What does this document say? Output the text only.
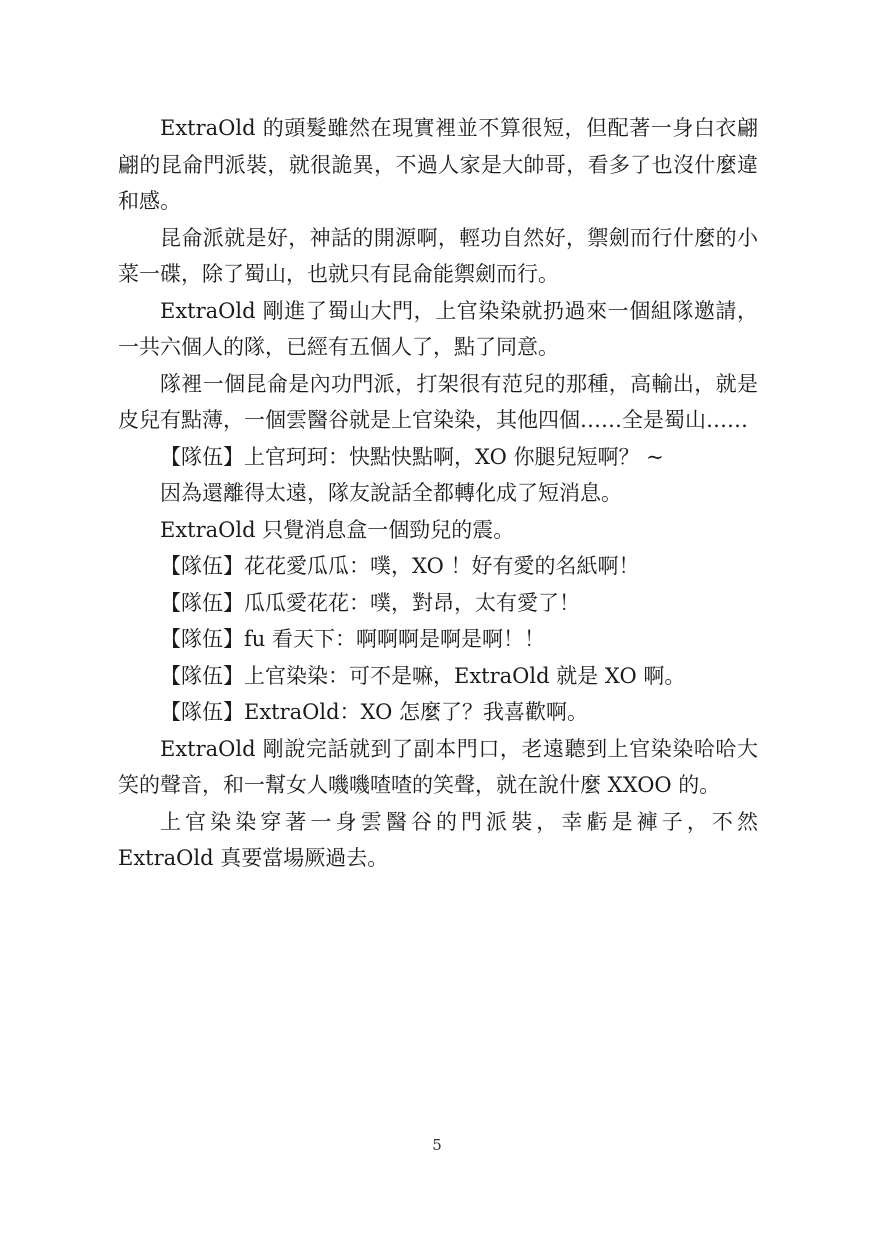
ExtraOld 的頭髮雖然在現實裡並不算很短，但配著一身白衣翩翩的昆侖門派裝，就很詭異，不過人家是大帥哥，看多了也沒什麼違和感。

昆侖派就是好，神話的開源啊，輕功自然好，禦劍而行什麼的小菜一碟，除了蜀山，也就只有昆侖能禦劍而行。

ExtraOld 剛進了蜀山大門，上官染染就扔過來一個組隊邀請，一共六個人的隊，已經有五個人了，點了同意。

隊裡一個昆侖是內功門派，打架很有范兒的那種，高輸出，就是皮兒有點薄，一個雲醫谷就是上官染染，其他四個……全是蜀山……

【隊伍】上官珂珂：快點快點啊，XO 你腿兒短啊？ ~

因為還離得太遠，隊友說話全都轉化成了短消息。

ExtraOld 只覺消息盒一個勁兒的震。

【隊伍】花花愛瓜瓜：噗，XO ！好有愛的名紙啊！

【隊伍】瓜瓜愛花花：噗，對昂，太有愛了！

【隊伍】fu 看天下：啊啊啊是啊是啊！！

【隊伍】上官染染：可不是嘛，ExtraOld 就是 XO 啊。

【隊伍】ExtraOld：XO 怎麼了？我喜歡啊。

ExtraOld 剛說完話就到了副本門口，老遠聽到上官染染哈哈大笑的聲音，和一幫女人嘰嘰喳喳的笑聲，就在說什麼 XXOO 的。

上官染染穿著一身雲醫谷的門派裝，幸虧是褲子，不然 ExtraOld 真要當場厥過去。

5
